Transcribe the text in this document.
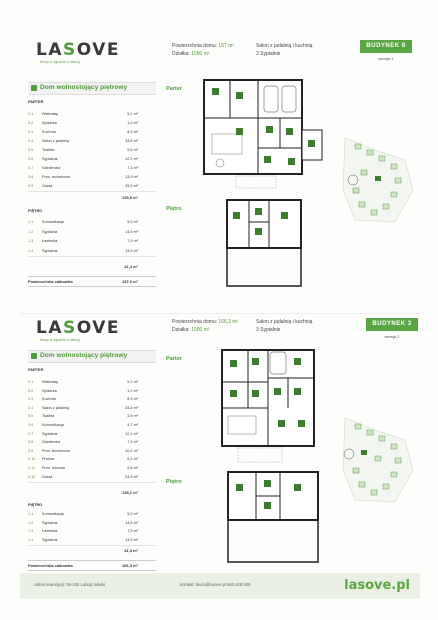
LASOVE
domy w zgodzie z naturą
Powierzchnia domu: 157 m²
Działka: 1000 m²
Salon z jadalnią i kuchnią
3 Sypialnie
BUDYNEK 8
wersja 1
Dom wolnostojący piętrowy
PARTER
0.1 Wiatrołap	5,1 m²
0.2 Spiżarka	1,0 m²
0.3 Kuchnia	8,3 m²
0.4 Salon z jadalnią	33,8 m²
0.5 Toaleta	5,6 m²
0.6 Sypialnia	12,1 m²
0.7 Garderoba	7,3 m²
0.8 Pom. techniczne	13,9 m²
0.9 Garaż	39,3 m²
125,8 m²
PIĘTRO
1.1 Komunikacja	5,0 m²
1.2 Sypialnia	14,6 m²
1.3 Łazienka	7,9 m²
1.4 Sypialnia	13,9 m²
41,3 m²
Powierzchnia całkowita	157,0 m²
Parter
Piętro
LASOVE
domy w zgodzie z naturą
Powierzchnia domu: 166,3 m²
Działka: 1000 m²
Salon z jadalnią i kuchnią
3 Sypialnie
BUDYNEK 3
wersja 2
Dom wolnostojący piętrowy
PARTER
0.1 Wiatrołap	5,1 m²
0.2 Spiżarka	1,0 m²
0.3 Kuchnia	8,3 m²
0.4 Salon z jadalnią	33,8 m²
0.5 Toaleta	3,9 m²
0.6 Komunikacja	4,7 m²
0.7 Sypialnia	12,1 m²
0.8 Garderoba	7,3 m²
0.9 Pom. techniczne	10,4 m²
0.10 Pralnia	5,1 m²
0.11 Pom. biurowe	9,8 m²
0.12 Garaż	24,3 m²
125,1 m²
PIĘTRO
1.1 Komunikacja	5,0 m²
1.2 Sypialnia	14,6 m²
1.3 Łazienka	7,9 m²
1.4 Sypialnia	13,9 m²
41,3 m²
Powierzchnia całkowita	166,3 m²
Parter
Piętro
Adres inwestycji: 58-100 Lubiąż Wielki	kontakt: biuro@lasove.pl 660 628 909	lasove.pl
